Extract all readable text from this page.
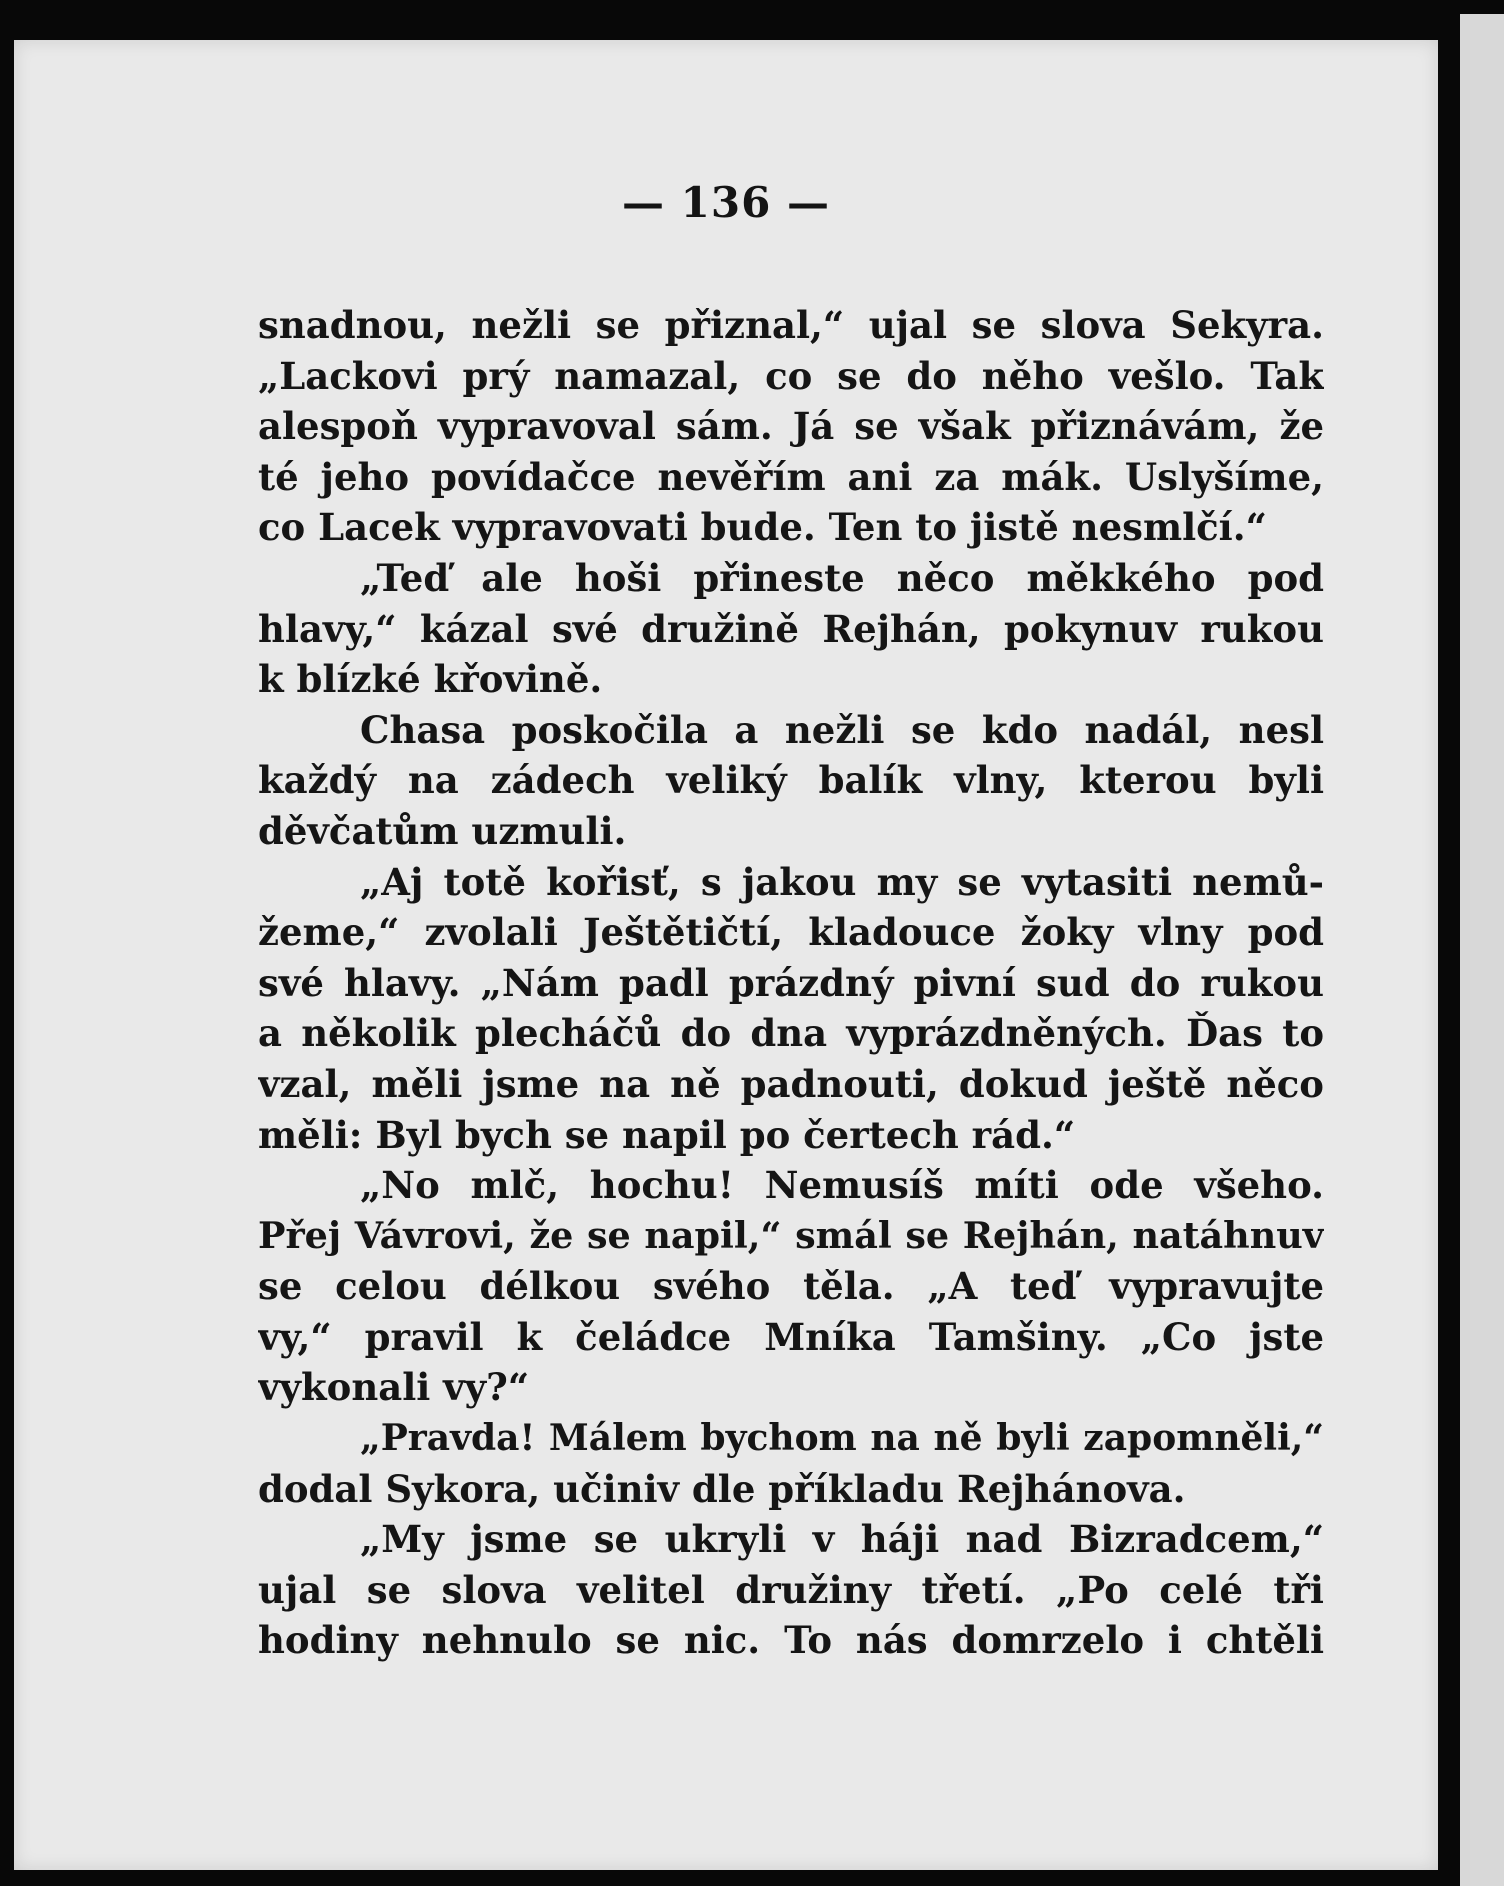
— 136 —
snadnou, nežli se přiznal,“ ujal se slova Sekyra.
„Lackovi prý namazal, co se do něho vešlo. Tak
alespoň vypravoval sám. Já se však přiznávám, že
té jeho povídačce nevěřím ani za mák. Uslyšíme,
co Lacek vypravovati bude. Ten to jistě nesmlčí.“
„Teď ale hoši přineste něco měkkého pod
hlavy,“ kázal své družině Rejhán, pokynuv rukou
k blízké křovině.
Chasa poskočila a nežli se kdo nadál, nesl
každý na zádech veliký balík vlny, kterou byli
děvčatům uzmuli.
„Aj totě kořisť, s jakou my se vytasiti nemů-
žeme,“ zvolali Ještětičtí, kladouce žoky vlny pod
své hlavy. „Nám padl prázdný pivní sud do rukou
a několik plecháčů do dna vyprázdněných. Ďas to
vzal, měli jsme na ně padnouti, dokud ještě něco
měli: Byl bych se napil po čertech rád.“
„No mlč, hochu! Nemusíš míti ode všeho.
Přej Vávrovi, že se napil,“ smál se Rejhán, natáhnuv
se celou délkou svého těla. „A teď vypravujte
vy,“ pravil k čeládce Mníka Tamšiny. „Co jste
vykonali vy?“
„Pravda! Málem bychom na ně byli zapomněli,“
dodal Sykora, učiniv dle příkladu Rejhánova.
„My jsme se ukryli v háji nad Bizradcem,“
ujal se slova velitel družiny třetí. „Po celé tři
hodiny nehnulo se nic. To nás domrzelo i chtěli
